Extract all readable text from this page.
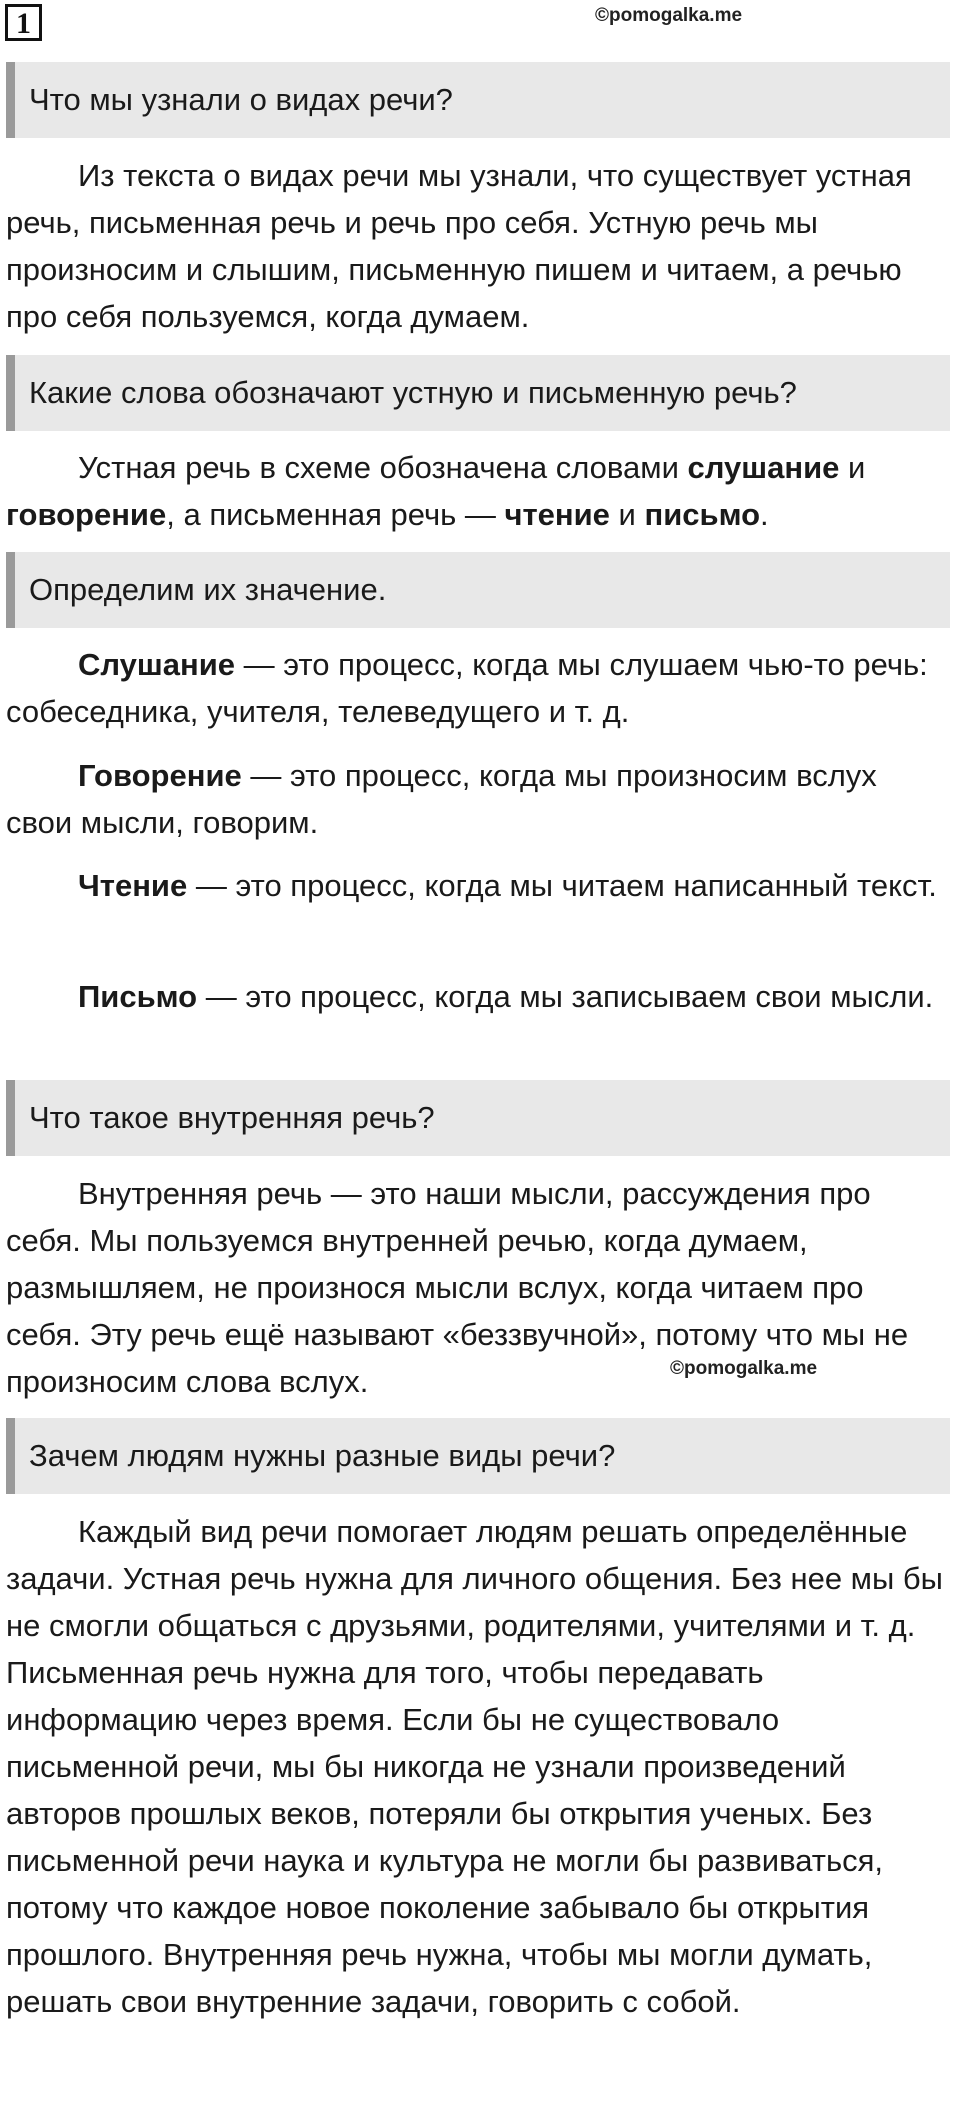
1	©pomogalka.me
Что мы узнали о видах речи?

Из текста о видах речи мы узнали, что существует устная речь, письменная речь и речь про себя. Устную речь мы произносим и слышим, письменную пишем и читаем, а речью про себя пользуемся, когда думаем.

Какие слова обозначают устную и письменную речь?

Устная речь в схеме обозначена словами слушание и говорение, а письменная речь — чтение и письмо.

Определим их значение.

Слушание — это процесс, когда мы слушаем чью-то речь: собеседника, учителя, телеведущего и т. д.

Говорение — это процесс, когда мы произносим вслух свои мысли, говорим.

Чтение — это процесс, когда мы читаем написанный текст.

Письмо — это процесс, когда мы записываем свои мысли.

Что такое внутренняя речь?

Внутренняя речь — это наши мысли, рассуждения про себя. Мы пользуемся внутренней речью, когда думаем, размышляем, не произнося мысли вслух, когда читаем про себя. Эту речь ещё называют «беззвучной», потому что мы не произносим слова вслух.	©pomogalka.me
Зачем людям нужны разные виды речи?

Каждый вид речи помогает людям решать определённые задачи. Устная речь нужна для личного общения. Без нее мы бы не смогли общаться с друзьями, родителями, учителями и т. д. Письменная речь нужна для того, чтобы передавать информацию через время. Если бы не существовало письменной речи, мы бы никогда не узнали произведений авторов прошлых веков, потеряли бы открытия ученых. Без письменной речи наука и культура не могли бы развиваться, потому что каждое новое поколение забывало бы открытия прошлого. Внутренняя речь нужна, чтобы мы могли думать, решать свои внутренние задачи, говорить с собой.
